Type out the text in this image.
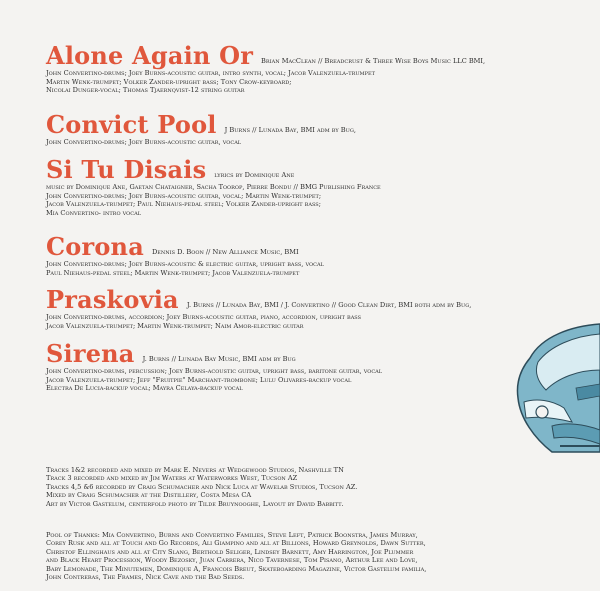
Alone Again Or Brian MacClean // Breadcrust & Three Wise Boys Music LLC BMI,
John Convertino-drums; Joey Burns-acoustic guitar, intro synth, vocal; Jacob Valenzuela-trumpet
Martin Wenk-trumpet; Volker Zander-upright bass; Tony Crow-keyboard;
Nicolai Dunger-vocal; Thomas Tjaernqvist-12 string guitar
Convict Pool J Burns // Lunada Bay, BMI adm by Bug,
John Convertino-drums; Joey Burns-acoustic guitar, vocal
Si Tu Disais lyrics by Dominique Ane
music by Dominique Ane, Gaetan Chataigner, Sacha Toorop, Pierre Bondu // BMG Publishing France
John Convertino-drums; Joey Burns-acoustic guitar, vocal; Martin Wenk-trumpet;
Jacob Valenzuela-trumpet; Paul Niehaus-pedal steel; Volker Zander-upright bass;
Mia Convertino- intro vocal
Corona Dennis D. Boon // New Alliance Music, BMI
John Convertino-drums; Joey Burns-acoustic & electric guitar, upright bass, vocal
Paul Niehaus-pedal steel; Martin Wenk-trumpet; Jacob Valenzuela-trumpet
Praskovia J. Burns // Lunada Bay, BMI / J. Convertino // Good Clean Dirt, BMI both adm by Bug,
John Convertino-drums, accordion; Joey Burns-acoustic guitar, piano, accordion, upright bass
Jacob Valenzuela-trumpet; Martin Wenk-trumpet; Naim Amor-electric guitar
Sirena J. Burns // Lunada Bay Music, BMI adm by Bug
John Convertino-drums, percussion; Joey Burns-acoustic guitar, upright bass, baritone guitar, vocal
Jacob Valenzuela-trumpet; Jeff "Fruitpie" Marchant-trombone; Lulu Olivares-backup vocal
Electra De Lucia-backup vocal; Mayra Celaya-backup vocal
Tracks 1&2 recorded and mixed by Mark E. Nevers at Wedgewood Studios, Nashville TN
Track 3 recorded and mixed by Jim Waters at Waterworks West, Tucson AZ
Tracks 4,5 &6 recorded by Craig Schumacher and Nick Luca at Wavelab Studios, Tucson AZ.
Mixed by Craig Schumacher at the Distillery, Costa Mesa CA
Art by Victor Gastelum, centerfold photo by Tilde Bruynooghe, Layout by David Babbitt.
Pool of Thanks: Mia Convertino, Burns and Convertino Families, Steve Left, Patrick Boonstra, James Murray,
Corey Rusk and all at Touch and Go Records, Ali Giampino and all at Billions, Howard Greynolds, Dawn Sutter,
Christof Ellinghaus and all at City Slang, Berthold Seliger, Lindsey Barnett, Amy Harrington, Joe Plummer
and Black Heart Procession, Woody Bezosky, Juan Carrera, Nico Tavernese, Tom Pisano, Arthur Lee and Love,
Baby Lemonade, The Minutemen, Dominique A, Francois Breut, Skateboarding Magazine, Victor Gastelum familia,
John Contreras, The Frames, Nick Cave and the Bad Seeds.
